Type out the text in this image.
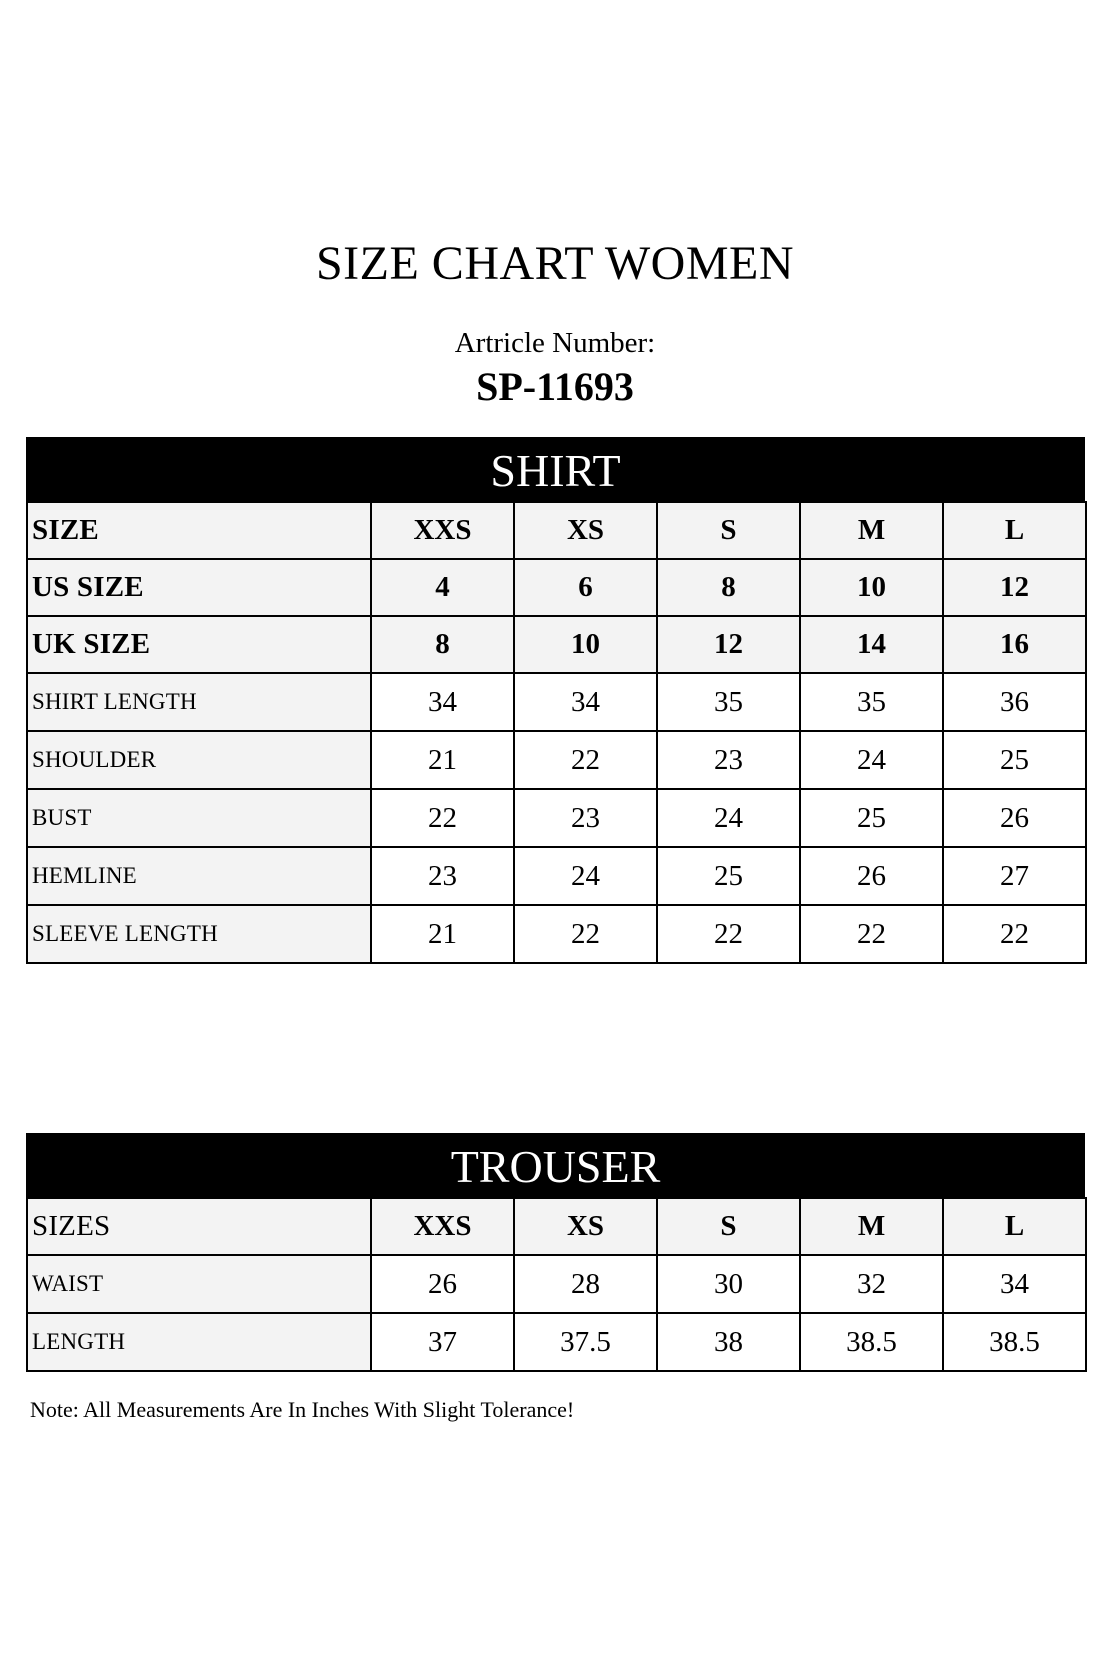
SIZE CHART WOMEN
Artricle Number:
SP-11693
SHIRT
SIZE	XXS	XS	S	M	L
US SIZE	4	6	8	10	12
UK SIZE	8	10	12	14	16
SHIRT LENGTH	34	34	35	35	36
SHOULDER	21	22	23	24	25
BUST	22	23	24	25	26
HEMLINE	23	24	25	26	27
SLEEVE LENGTH	21	22	22	22	22
TROUSER
SIZES	XXS	XS	S	M	L
WAIST	26	28	30	32	34
LENGTH	37	37.5	38	38.5	38.5
Note: All Measurements Are In Inches With Slight Tolerance!
